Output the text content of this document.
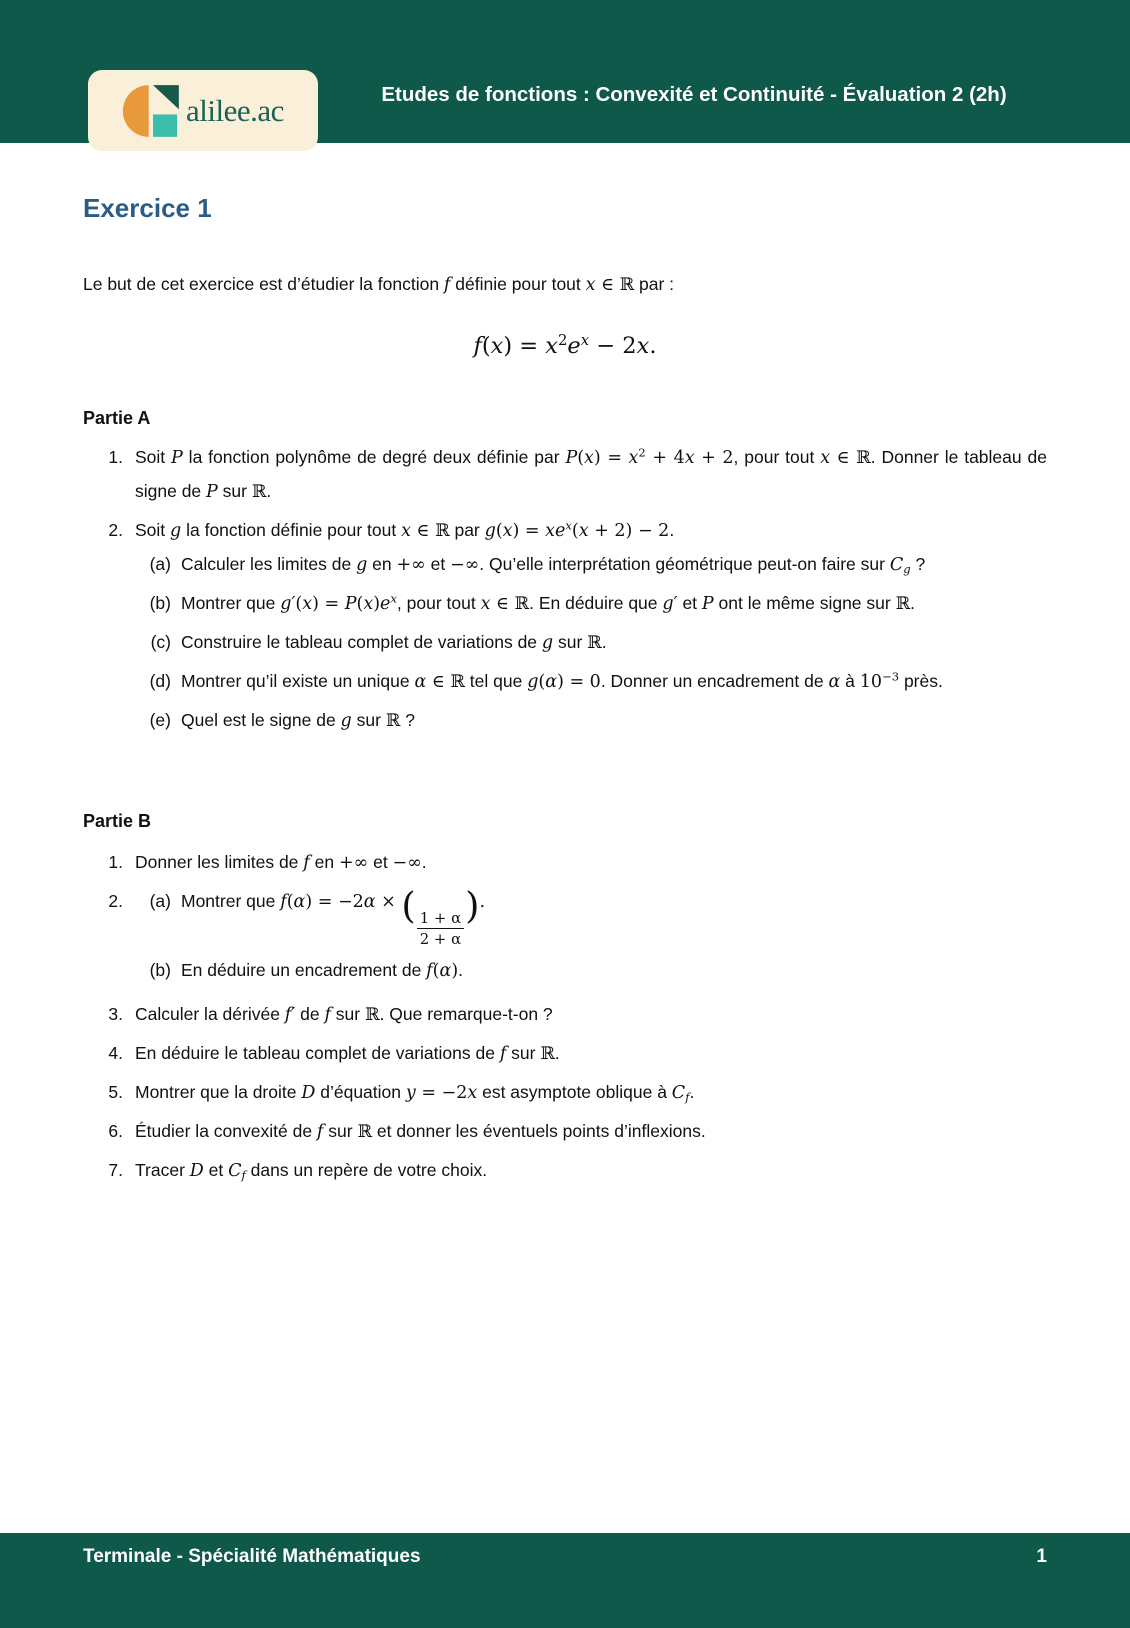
alilee.ac	Etudes de fonctions : Convexité et Continuité - Évaluation 2 (2h)
Exercice 1

Le but de cet exercice est d’étudier la fonction f définie pour tout x ∈ ℝ par :

$f(x) = x^2e^x - 2x$.
Partie A
1. Soit P la fonction polynôme de degré deux définie par $P(x) = x^2 + 4x + 2$, pour tout x ∈ ℝ. Donner le tableau de signe de P sur ℝ.
2. Soit g la fonction définie pour tout x ∈ ℝ par $g(x) = xe^x(x + 2) - 2$.
(a) Calculer les limites de g en +∞ et −∞. Qu’elle interprétation géométrique peut-on faire sur Cg ?
(b) Montrer que $g'(x) = P(x)e^x$, pour tout x ∈ ℝ. En déduire que g′ et P ont le même signe sur ℝ.
(c) Construire le tableau complet de variations de g sur ℝ.
(d) Montrer qu’il existe un unique α ∈ ℝ tel que g(α) = 0. Donner un encadrement de α à $10^{-3}$ près.
(e) Quel est le signe de g sur ℝ ?
Partie B
1. Donner les limites de f en +∞ et −∞.
2.	(a) Montrer que f(α) = −2α × (
$\frac{1 + \alpha}{2 + \alpha}$
).
(b) En déduire un encadrement de f(α).
3. Calculer la dérivée f′ de f sur ℝ. Que remarque-t-on ?
4. En déduire le tableau complet de variations de f sur ℝ.
5. Montrer que la droite D d’équation y = −2x est asymptote oblique à Cf.
6. Étudier la convexité de f sur ℝ et donner les éventuels points d’inflexions.
7. Tracer D et Cf dans un repère de votre choix.
Terminale - Spécialité Mathématiques	1
